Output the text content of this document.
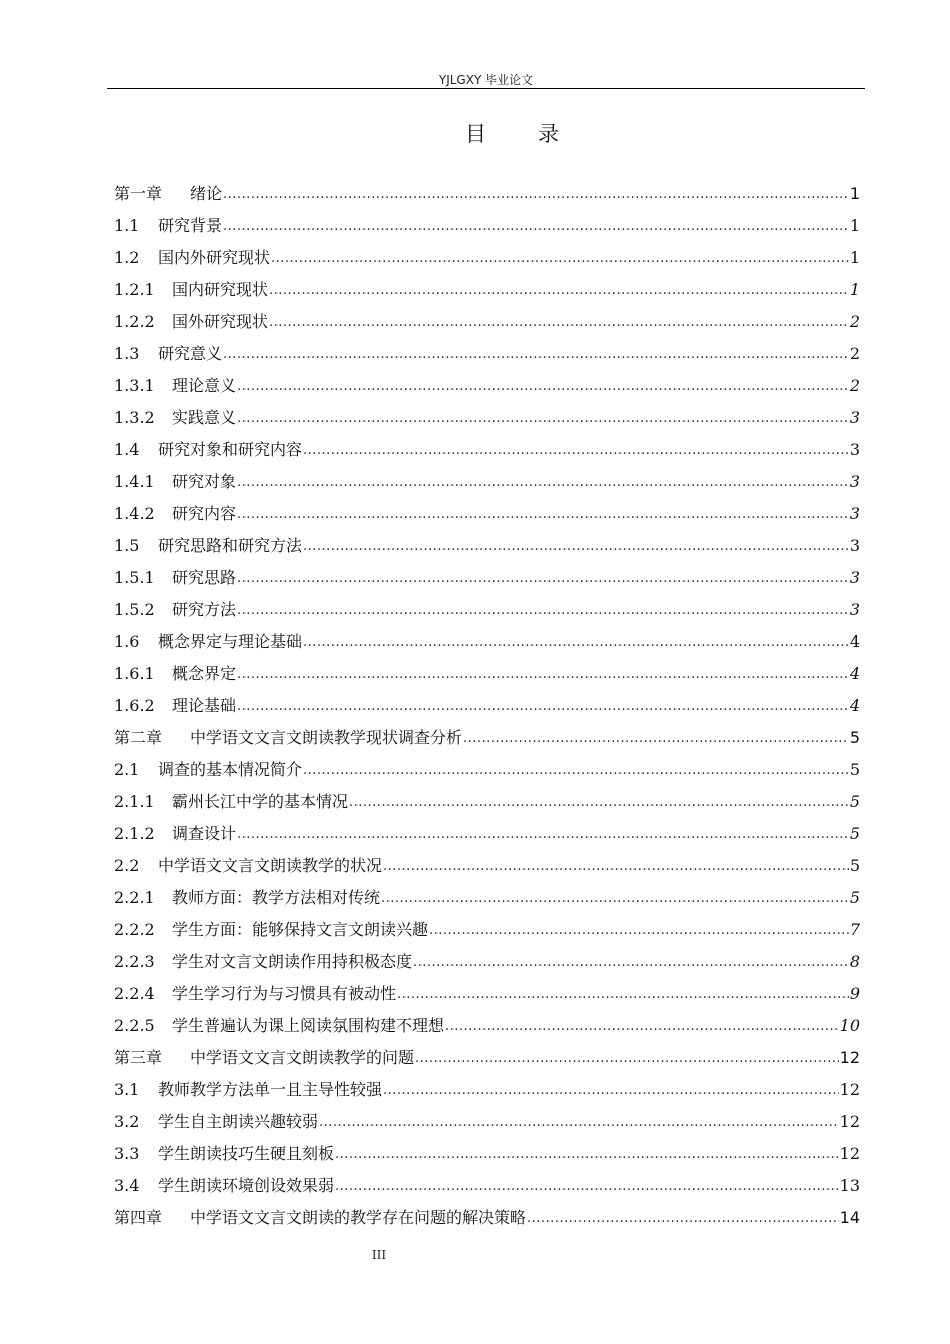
YJLGXY 毕业论文
目录
第一章	绪论 .....	1
1.1	研究背景 .....	1
1.2	国内外研究现状 .....	1
1.2.1	国内研究现状 .....	1
1.2.2	国外研究现状 .....	2
1.3	研究意义 .....	2
1.3.1	理论意义 .....	2
1.3.2	实践意义 .....	3
1.4	研究对象和研究内容 .....	3
1.4.1	研究对象 .....	3
1.4.2	研究内容 .....	3
1.5	研究思路和研究方法 .....	3
1.5.1	研究思路 .....	3
1.5.2	研究方法 .....	3
1.6	概念界定与理论基础 .....	4
1.6.1	概念界定 .....	4
1.6.2	理论基础 .....	4
第二章	中学语文文言文朗读教学现状调查分析 .....	5
2.1	调查的基本情况简介 .....	5
2.1.1	霸州长江中学的基本情况 .....	5
2.1.2	调查设计 .....	5
2.2	中学语文文言文朗读教学的状况 .....	5
2.2.1	教师方面：教学方法相对传统 .....	5
2.2.2	学生方面：能够保持文言文朗读兴趣 .....	7
2.2.3	学生对文言文朗读作用持积极态度 .....	8
2.2.4	学生学习行为与习惯具有被动性 .....	9
2.2.5	学生普遍认为课上阅读氛围构建不理想 .....	10
第三章	中学语文文言文朗读教学的问题 .....	12
3.1	教师教学方法单一且主导性较强 .....	12
3.2	学生自主朗读兴趣较弱 .....	12
3.3	学生朗读技巧生硬且刻板 .....	12
3.4	学生朗读环境创设效果弱 .....	13
第四章	中学语文文言文朗读的教学存在问题的解决策略 .....	14
III
